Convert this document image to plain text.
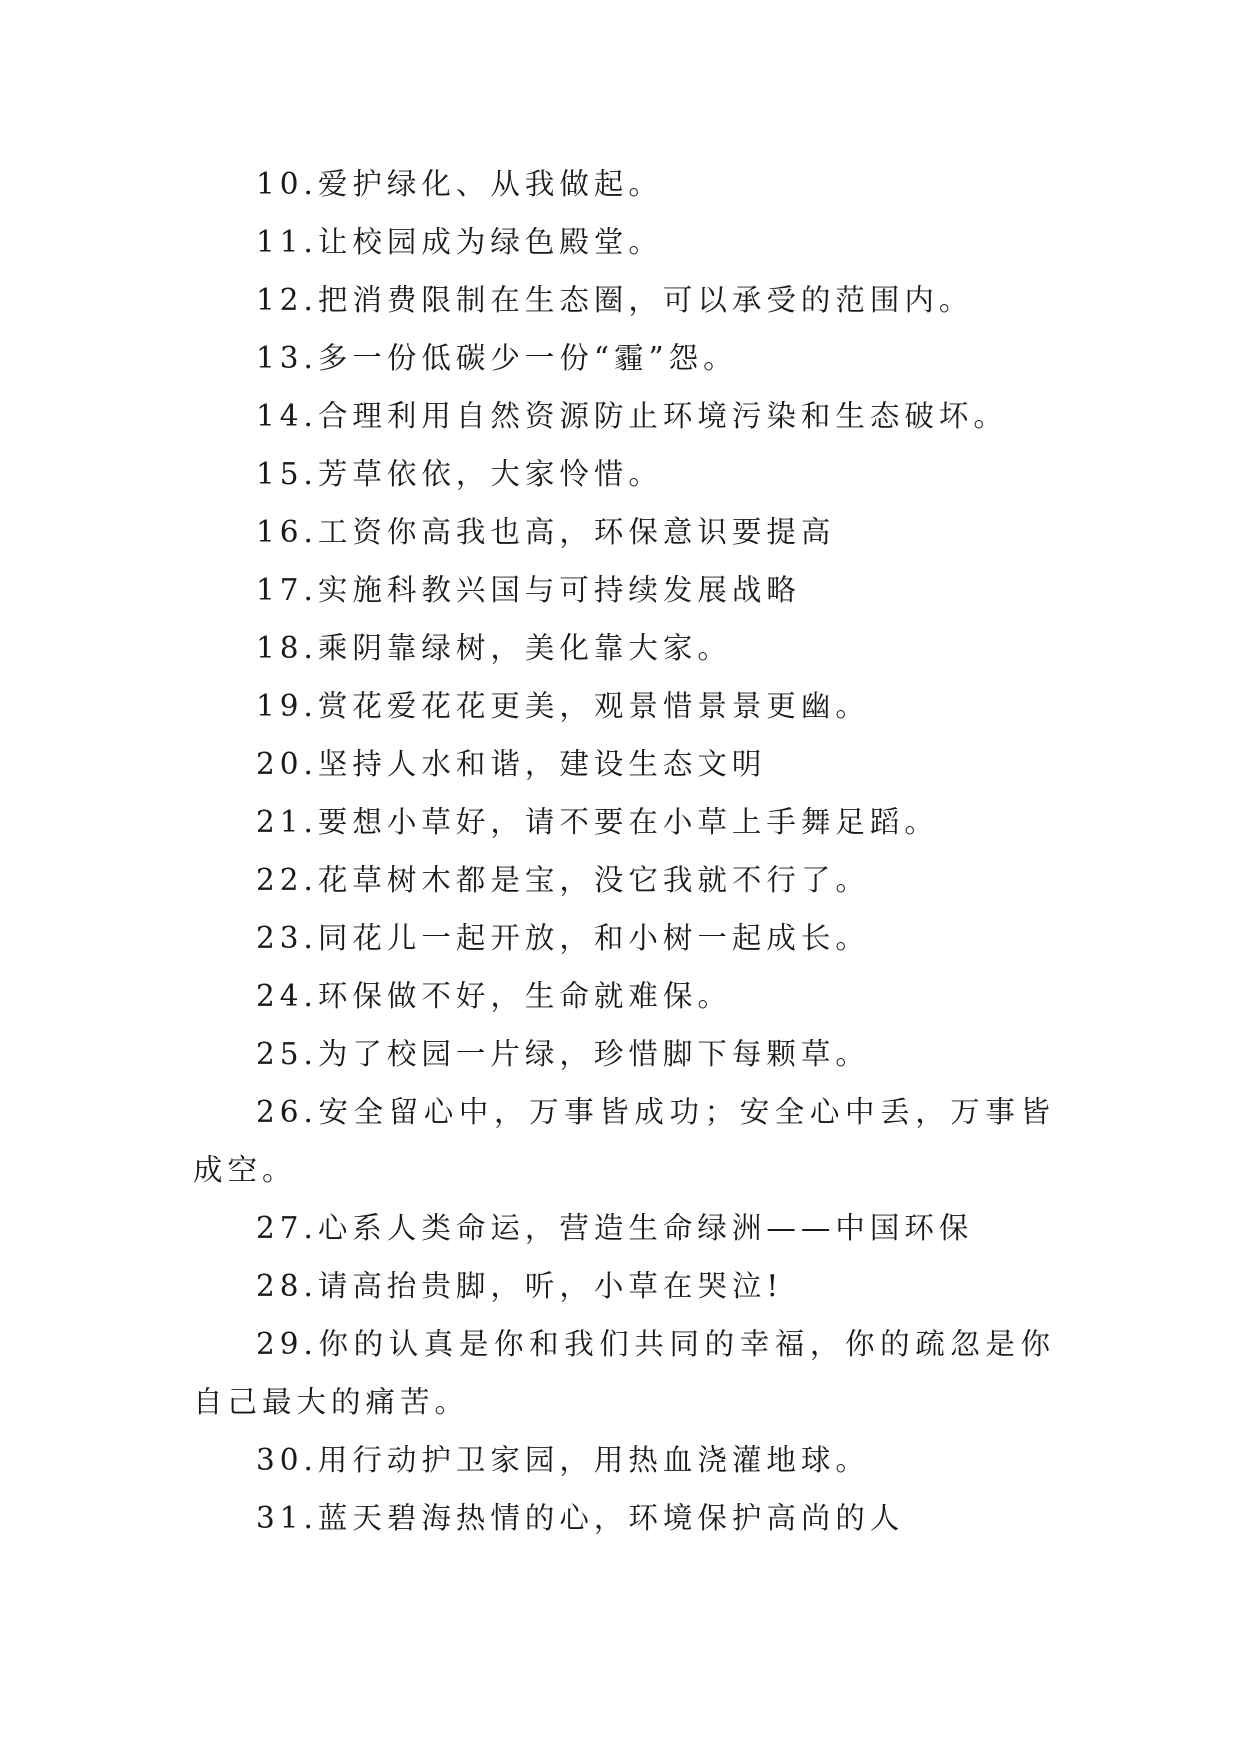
10.爱护绿化、从我做起。

11.让校园成为绿色殿堂。

12.把消费限制在生态圈，可以承受的范围内。

13.多一份低碳少一份“霾”怨。

14.合理利用自然资源防止环境污染和生态破坏。

15.芳草依依，大家怜惜。

16.工资你高我也高，环保意识要提高

17.实施科教兴国与可持续发展战略

18.乘阴靠绿树，美化靠大家。

19.赏花爱花花更美，观景惜景景更幽。

20.坚持人水和谐，建设生态文明

21.要想小草好，请不要在小草上手舞足蹈。

22.花草树木都是宝，没它我就不行了。

23.同花儿一起开放，和小树一起成长。

24.环保做不好，生命就难保。

25.为了校园一片绿，珍惜脚下每颗草。

26.安全留心中，万事皆成功；安全心中丢，万事皆成空。

27.心系人类命运，营造生命绿洲——中国环保

28.请高抬贵脚，听，小草在哭泣!

29.你的认真是你和我们共同的幸福，你的疏忽是你自己最大的痛苦。

30.用行动护卫家园，用热血浇灌地球。

31.蓝天碧海热情的心，环境保护高尚的人
